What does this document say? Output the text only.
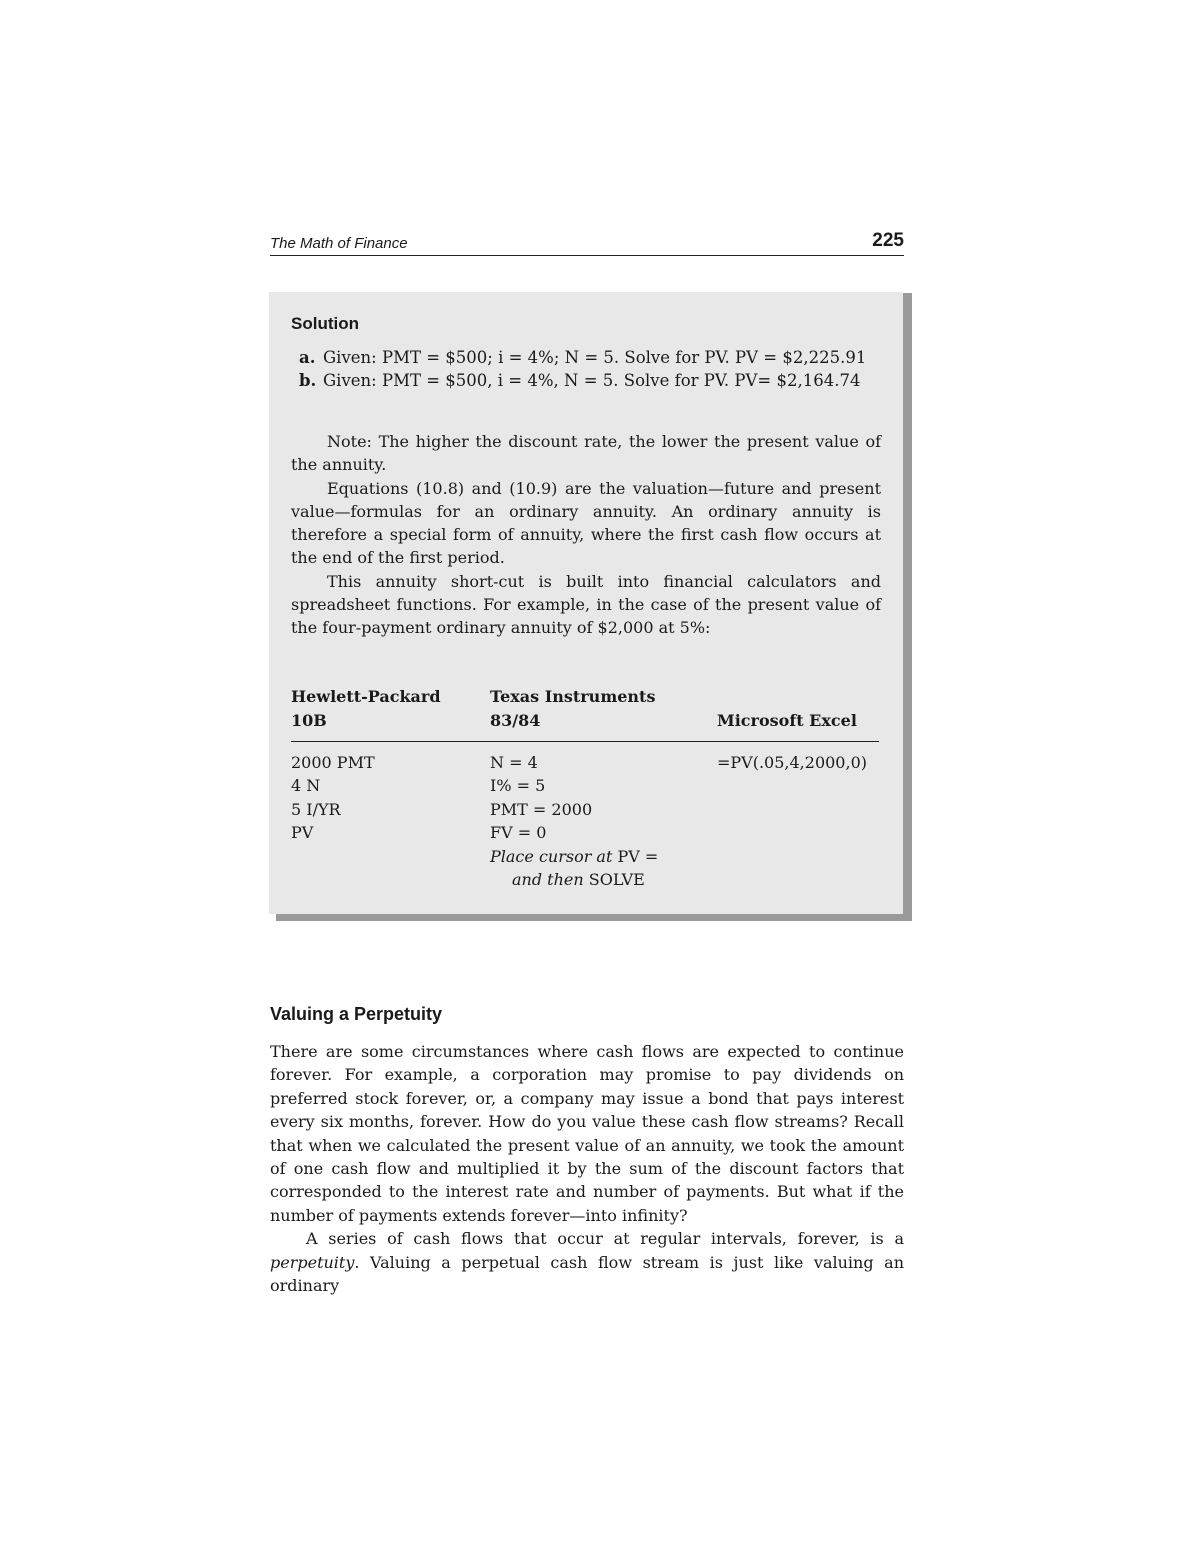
The Math of Finance	225
Solution
a. Given: PMT = $500; i = 4%; N = 5. Solve for PV. PV = $2,225.91
b. Given: PMT = $500, i = 4%, N = 5. Solve for PV. PV= $2,164.74
Note: The higher the discount rate, the lower the present value of the annuity.
Equations (10.8) and (10.9) are the valuation—future and present value—formulas for an ordinary annuity. An ordinary annuity is therefore a special form of annuity, where the first cash flow occurs at the end of the first period.
This annuity short-cut is built into financial calculators and spreadsheet functions. For example, in the case of the present value of the four-payment ordinary annuity of $2,000 at 5%:
Hewlett-Packard
10B
Texas Instruments
83/84	Microsoft Excel
2000 PMT
4 N
5 I/YR
PV
N = 4
I% = 5
PMT = 2000
FV = 0
Place cursor at PV =
and then SOLVE
=PV(.05,4,2000,0)
Valuing a Perpetuity

There are some circumstances where cash flows are expected to continue forever. For example, a corporation may promise to pay dividends on preferred stock forever, or, a company may issue a bond that pays interest every six months, forever. How do you value these cash flow streams? Recall that when we calculated the present value of an annuity, we took the amount of one cash flow and multiplied it by the sum of the discount factors that corresponded to the interest rate and number of payments. But what if the number of payments extends forever—into infinity?

A series of cash flows that occur at regular intervals, forever, is a perpetuity. Valuing a perpetual cash flow stream is just like valuing an ordinary
